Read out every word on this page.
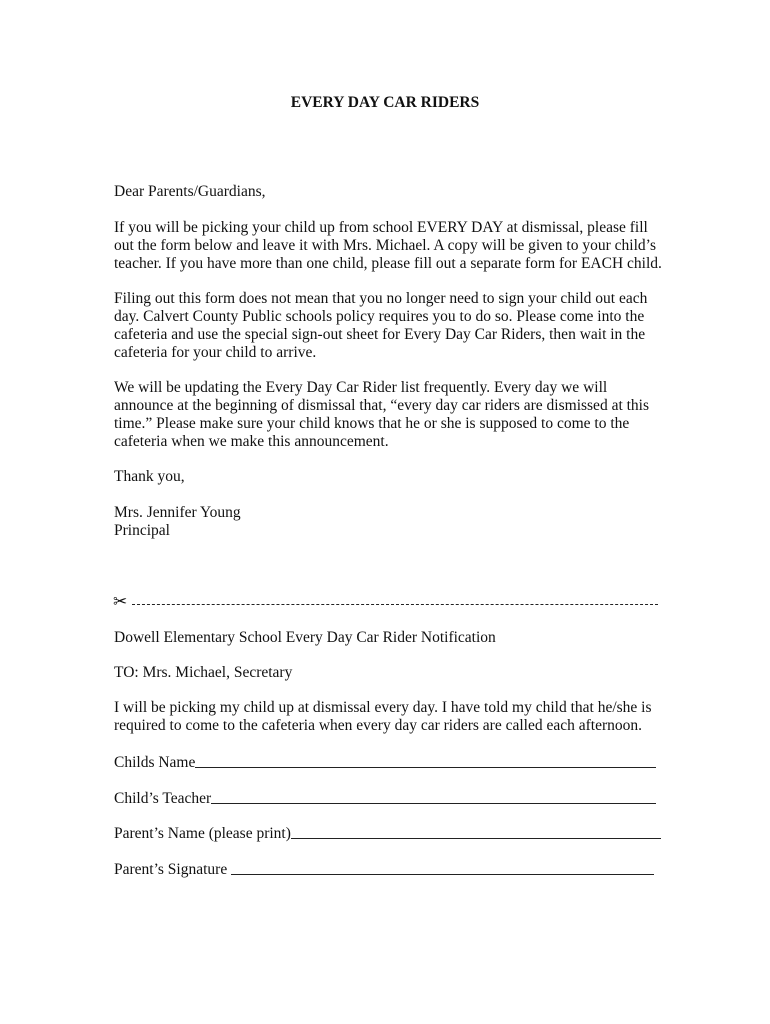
EVERY DAY CAR RIDERS
Dear Parents/Guardians,
If you will be picking your child up from school EVERY DAY at dismissal, please fill
out the form below and leave it with Mrs. Michael. A copy will be given to your child’s
teacher. If you have more than one child, please fill out a separate form for EACH child.
Filing out this form does not mean that you no longer need to sign your child out each
day. Calvert County Public schools policy requires you to do so. Please come into the
cafeteria and use the special sign-out sheet for Every Day Car Riders, then wait in the
cafeteria for your child to arrive.
We will be updating the Every Day Car Rider list frequently. Every day we will
announce at the beginning of dismissal that, “every day car riders are dismissed at this
time.” Please make sure your child knows that he or she is supposed to come to the
cafeteria when we make this announcement.
Thank you,
Mrs. Jennifer Young
Principal
✂
Dowell Elementary School Every Day Car Rider Notification
TO: Mrs. Michael, Secretary
I will be picking my child up at dismissal every day. I have told my child that he/she is
required to come to the cafeteria when every day car riders are called each afternoon.
Childs Name
Child’s Teacher
Parent’s Name (please print)
Parent’s Signature
